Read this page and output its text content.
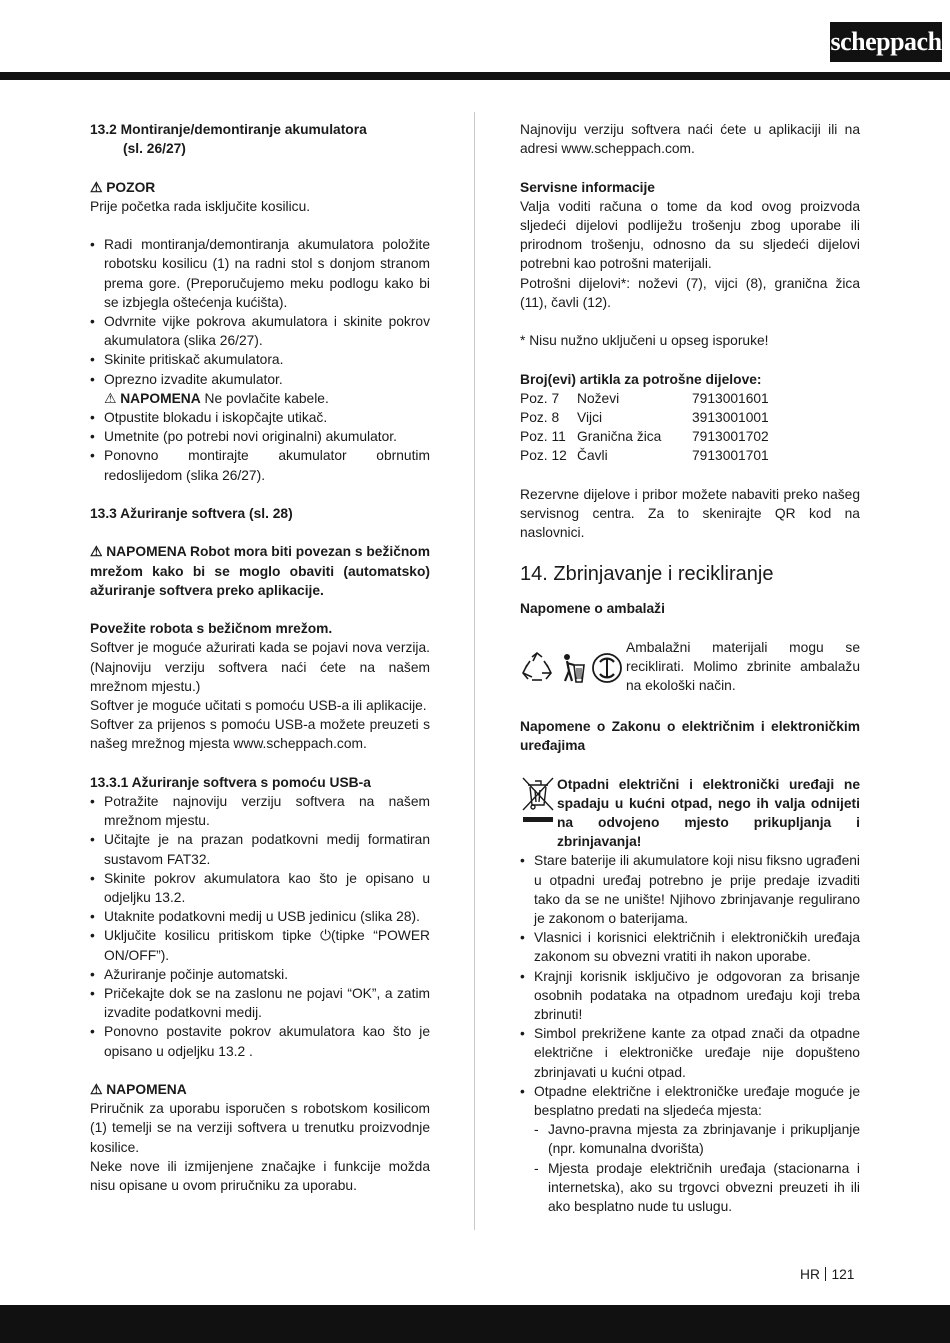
scheppach

13.2 Montiranje/demontiranje akumulatora

(sl. 26/27)

⚠ POZOR

Prije početka rada isključite kosilicu.

• Radi montiranja/demontiranja akumulatora položite robotsku kosilicu (1) na radni stol s donjom stranom prema gore. (Preporučujemo meku podlogu kako bi se izbjegla oštećenja kućišta).
• Odvrnite vijke pokrova akumulatora i skinite pokrov akumulatora (slika 26/27).
• Skinite pritiskač akumulatora.
• Oprezno izvadite akumulator.

⚠ NAPOMENA Ne povlačite kabele.

• Otpustite blokadu i iskopčajte utikač.
• Umetnite (po potrebi novi originalni) akumulator.
• Ponovno montirajte akumulator obrnutim redoslijedom (slika 26/27).

13.3 Ažuriranje softvera (sl. 28)

⚠ NAPOMENA Robot mora biti povezan s bežičnom mrežom kako bi se moglo obaviti (automatsko) ažuriranje softvera preko aplikacije.

Povežite robota s bežičnom mrežom.

Softver je moguće ažurirati kada se pojavi nova verzija. (Najnoviju verziju softvera naći ćete na našem mrežnom mjestu.)

Softver je moguće učitati s pomoću USB-a ili aplikacije.

Softver za prijenos s pomoću USB-a možete preuzeti s našeg mrežnog mjesta www.scheppach.com.

13.3.1 Ažuriranje softvera s pomoću USB-a

• Potražite najnoviju verziju softvera na našem mrežnom mjestu.
• Učitajte je na prazan podatkovni medij formatiran sustavom FAT32.
• Skinite pokrov akumulatora kao što je opisano u odjeljku 13.2.
• Utaknite podatkovni medij u USB jedinicu (slika 28).
• Uključite kosilicu pritiskom tipke ⏻(tipke “POWER ON/OFF”).
• Ažuriranje počinje automatski.
• Pričekajte dok se na zaslonu ne pojavi “OK”, a zatim izvadite podatkovni medij.
• Ponovno postavite pokrov akumulatora kao što je opisano u odjeljku 13.2 .

⚠ NAPOMENA

Priručnik za uporabu isporučen s robotskom kosilicom (1) temelji se na verziji softvera u trenutku proizvodnje kosilice.

Neke nove ili izmijenjene značajke i funkcije možda nisu opisane u ovom priručniku za uporabu.

Najnoviju verziju softvera naći ćete u aplikaciji ili na adresi www.scheppach.com.

Servisne informacije

Valja voditi računa o tome da kod ovog proizvoda sljedeći dijelovi podliježu trošenju zbog uporabe ili prirodnom trošenju, odnosno da su sljedeći dijelovi potrebni kao potrošni materijali.

Potrošni dijelovi*: noževi (7), vijci (8), granična žica (11), čavli (12).

* Nisu nužno uključeni u opseg isporuke!

Broj(evi) artikla za potrošne dijelove:

Poz. 7	Noževi	7913001601
Poz. 8	Vijci	3913001001
Poz. 11	Granična žica	7913001702
Poz. 12	Čavli	7913001701

Rezervne dijelove i pribor možete nabaviti preko našeg servisnog centra. Za to skenirajte QR kod na naslovnici.

14. Zbrinjavanje i recikliranje

Napomene o ambalaži

Ambalažni materijali mogu se reciklirati. Molimo zbrinite ambalažu na ekološki način.

Napomene o Zakonu o električnim i elektroničkim uređajima

Otpadni električni i elektronički uređaji ne spadaju u kućni otpad, nego ih valja odnijeti na odvojeno mjesto prikupljanja i zbrinjavanja!

• Stare baterije ili akumulatore koji nisu fiksno ugrađeni u otpadni uređaj potrebno je prije predaje izvaditi tako da se ne unište! Njihovo zbrinjavanje regulirano je zakonom o baterijama.
• Vlasnici i korisnici električnih i elektroničkih uređaja zakonom su obvezni vratiti ih nakon uporabe.
• Krajnji korisnik isključivo je odgovoran za brisanje osobnih podataka na otpadnom uređaju koji treba zbrinuti!
• Simbol prekrižene kante za otpad znači da otpadne električne i elektroničke uređaje nije dopušteno zbrinjavati u kućni otpad.
• Otpadne električne i elektroničke uređaje moguće je besplatno predati na sljedeća mjesta:
- Javno-pravna mjesta za zbrinjavanje i prikupljanje (npr. komunalna dvorišta)
- Mjesta prodaje električnih uređaja (stacionarna i internetska), ako su trgovci obvezni preuzeti ih ili ako besplatno nude tu uslugu.
HR 121
